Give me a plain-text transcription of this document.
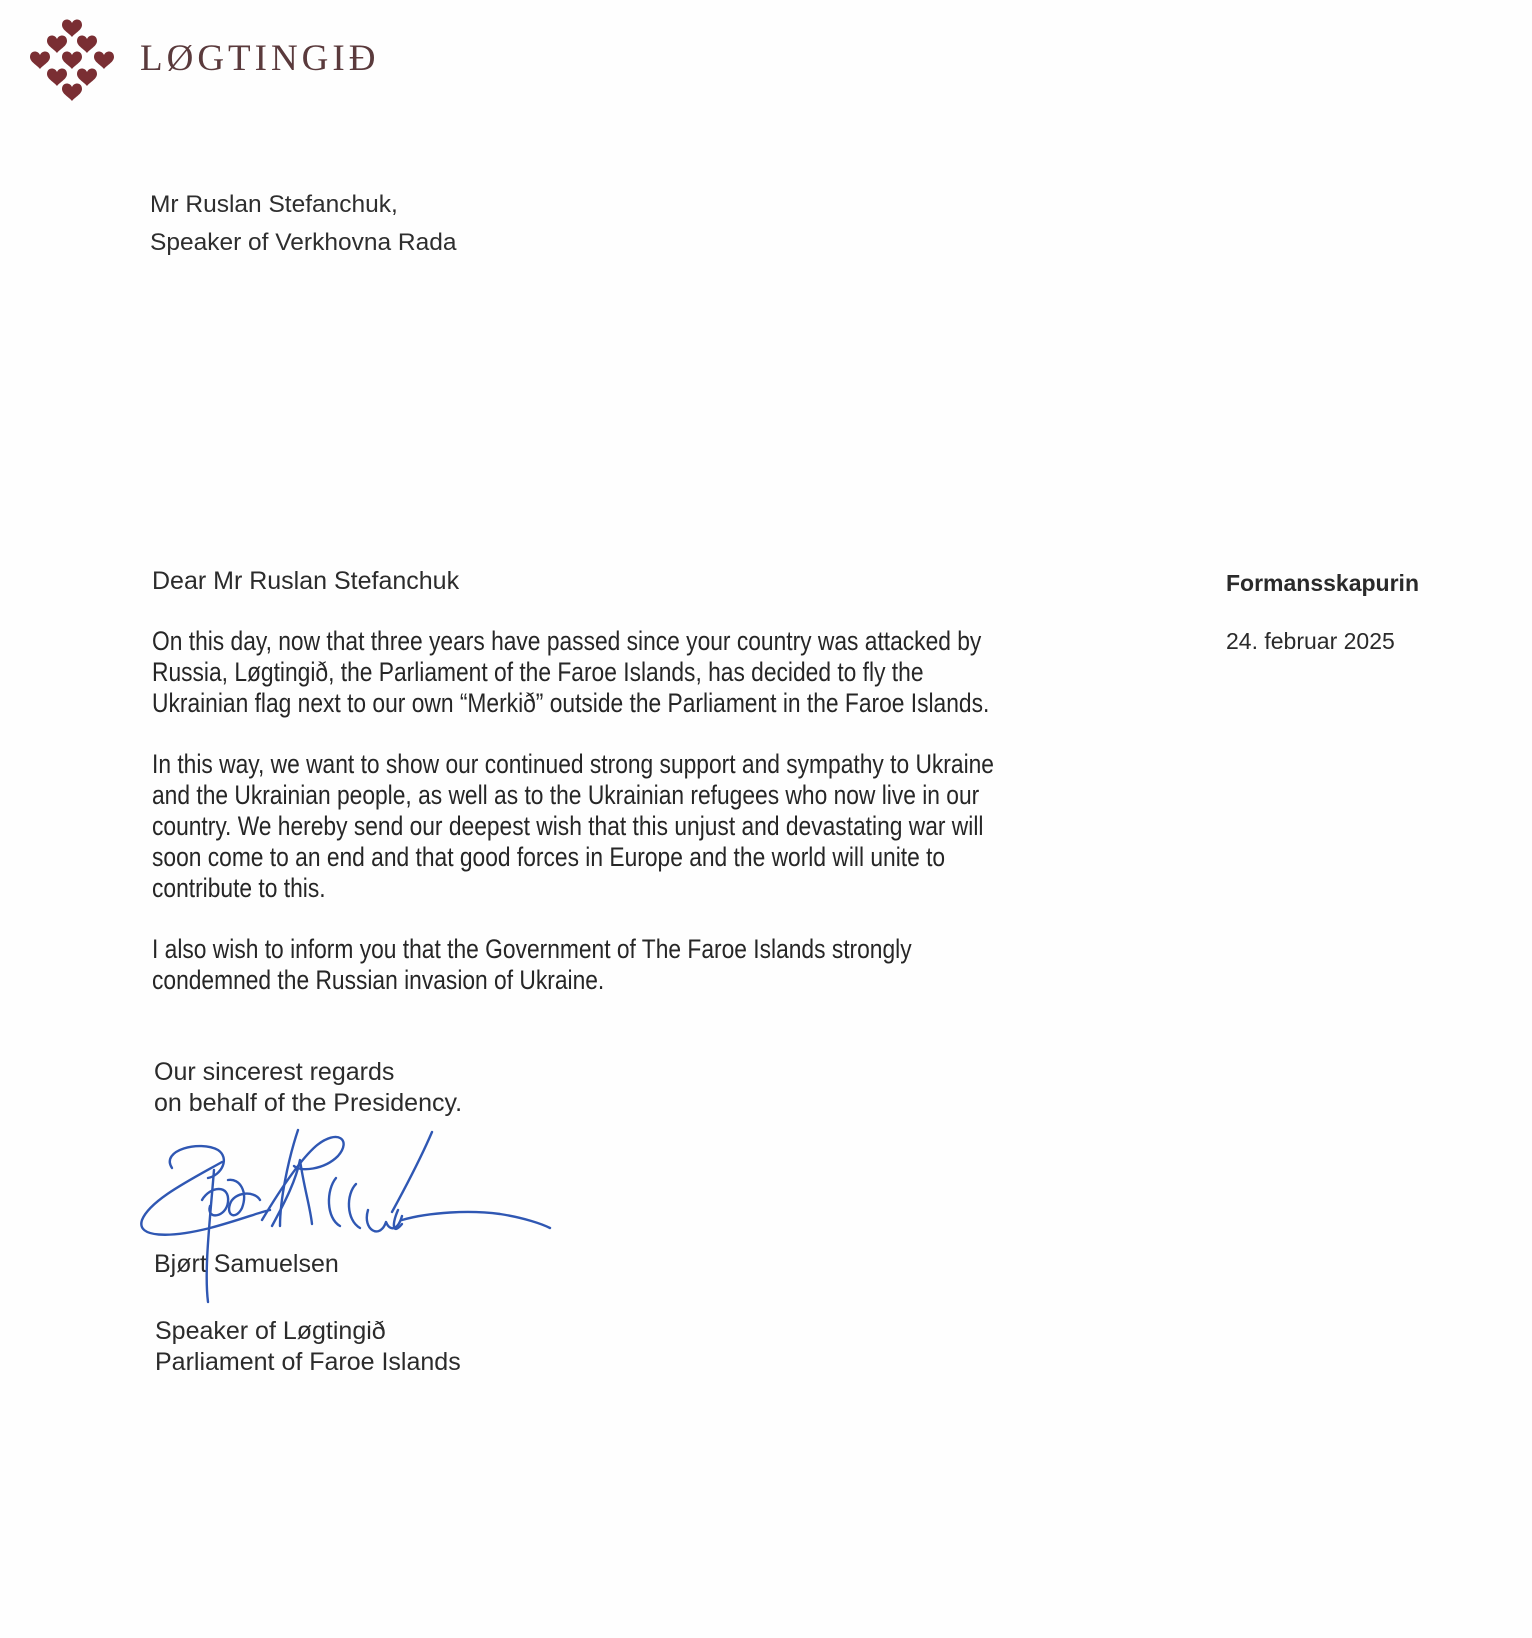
LØGTINGIÐ
Mr Ruslan Stefanchuk,
Speaker of Verkhovna Rada
Formansskapurin
24. februar 2025
Dear Mr Ruslan Stefanchuk
On this day, now that three years have passed since your country was attacked by
Russia, Løgtingið, the Parliament of the Faroe Islands, has decided to fly the
Ukrainian flag next to our own “Merkið” outside the Parliament in the Faroe Islands.
In this way, we want to show our continued strong support and sympathy to Ukraine
and the Ukrainian people, as well as to the Ukrainian refugees who now live in our
country. We hereby send our deepest wish that this unjust and devastating war will
soon come to an end and that good forces in Europe and the world will unite to
contribute to this.
I also wish to inform you that the Government of The Faroe Islands strongly
condemned the Russian invasion of Ukraine.
Our sincerest regards
on behalf of the Presidency.
Bjørt Samuelsen
Speaker of Løgtingið
Parliament of Faroe Islands
